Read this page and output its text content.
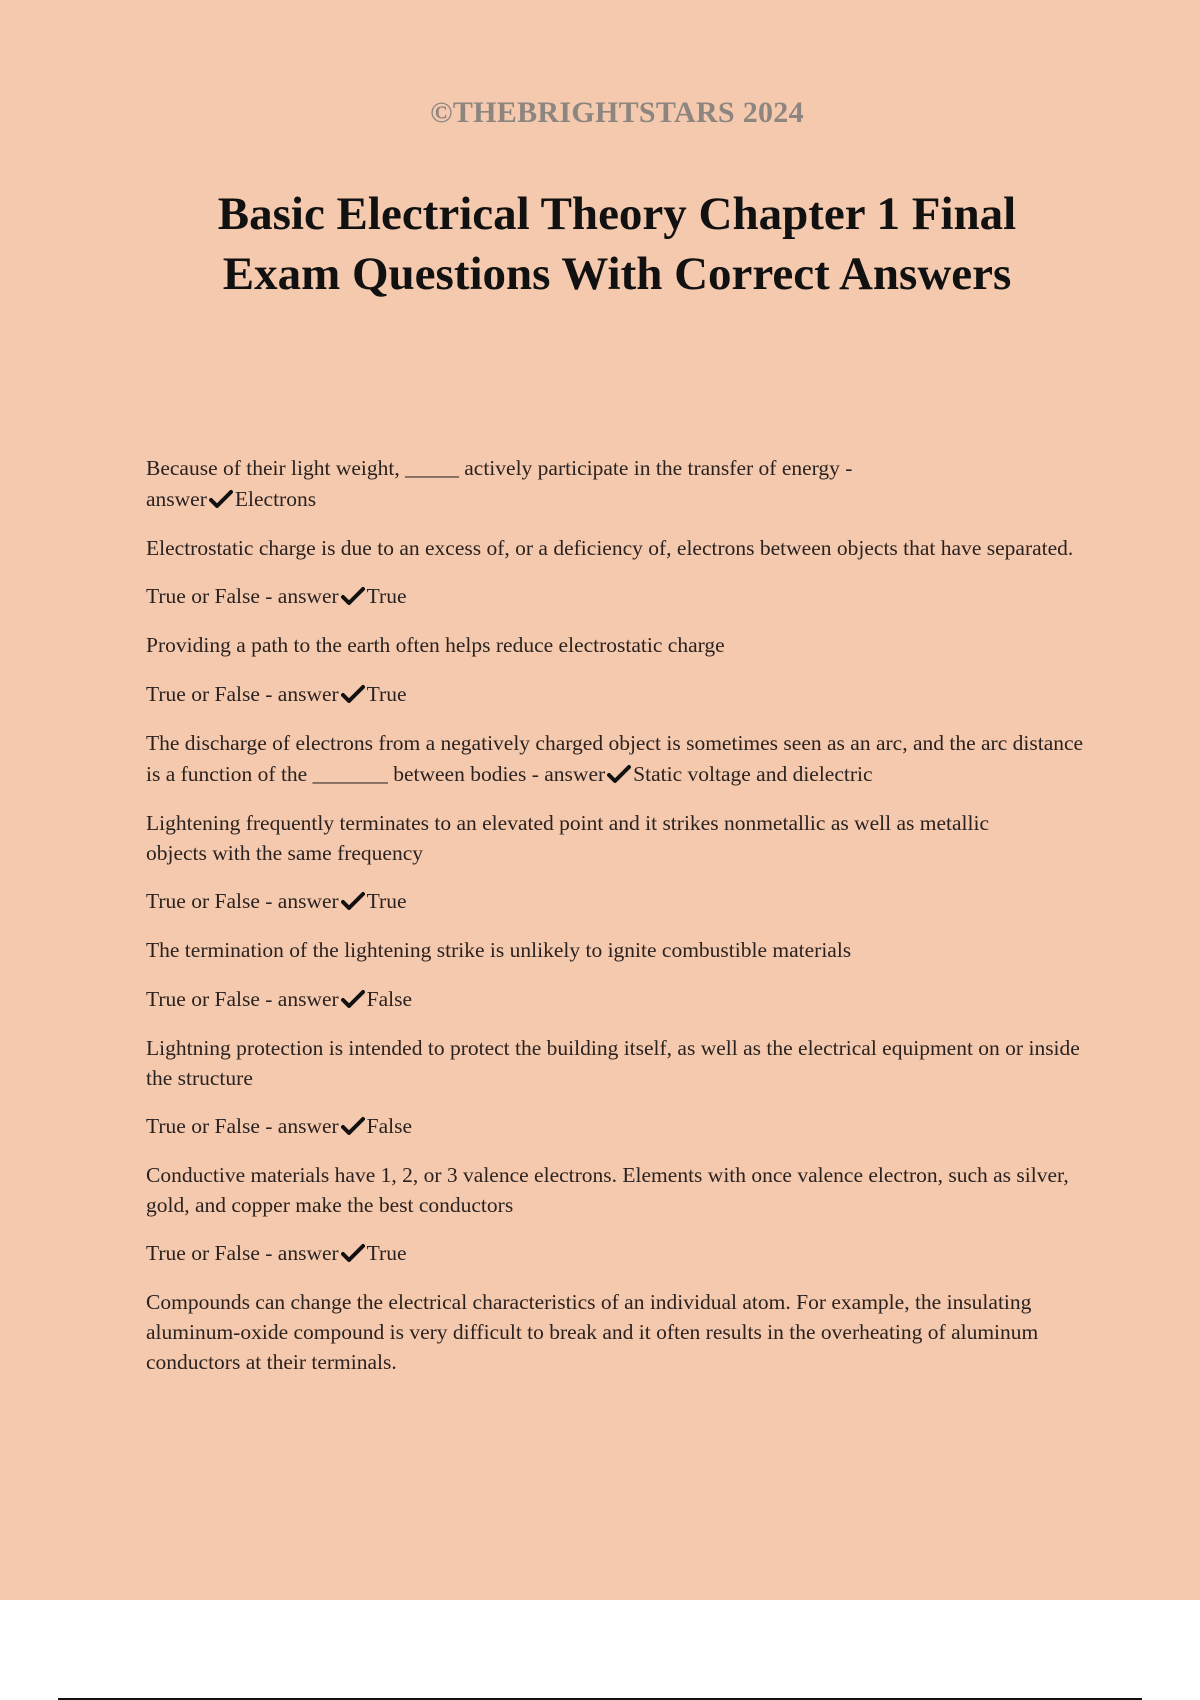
©THEBRIGHTSTARS 2024
Basic Electrical Theory Chapter 1 Final
Exam Questions With Correct Answers

Because of their light weight, _____ actively participate in the transfer of energy - answer Electrons

Electrostatic charge is due to an excess of, or a deficiency of, electrons between objects that have separated.

True or False - answer True

Providing a path to the earth often helps reduce electrostatic charge

True or False - answer True

The discharge of electrons from a negatively charged object is sometimes seen as an arc, and the arc distance is a function of the _______ between bodies - answer Static voltage and dielectric

Lightening frequently terminates to an elevated point and it strikes nonmetallic as well as metallic objects with the same frequency

True or False - answer True

The termination of the lightening strike is unlikely to ignite combustible materials

True or False - answer False

Lightning protection is intended to protect the building itself, as well as the electrical equipment on or inside the structure

True or False - answer False

Conductive materials have 1, 2, or 3 valence electrons. Elements with once valence electron, such as silver, gold, and copper make the best conductors

True or False - answer True

Compounds can change the electrical characteristics of an individual atom. For example, the insulating aluminum-oxide compound is very difficult to break and it often results in the overheating of aluminum conductors at their terminals.
